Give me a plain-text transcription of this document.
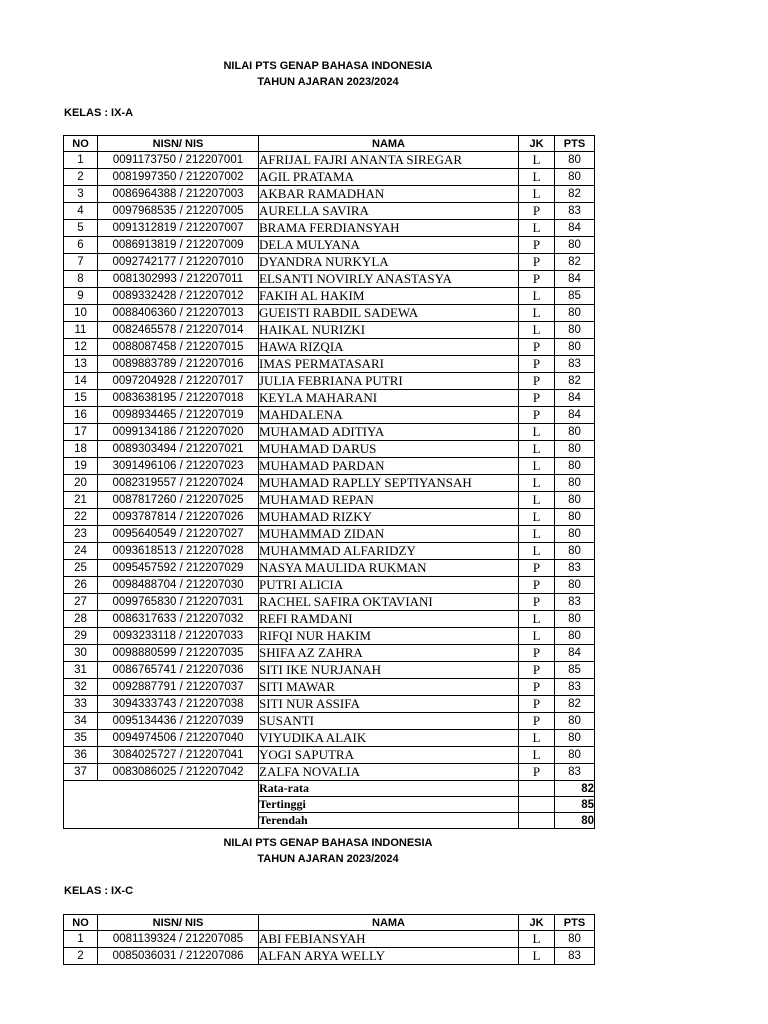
NILAI PTS GENAP BAHASA INDONESIA
TAHUN AJARAN 2023/2024
KELAS : IX-A
NO	NISN/ NIS	NAMA	JK	PTS
1	0091173750 / 212207001	AFRIJAL FAJRI ANANTA SIREGAR	L	80
2	0081997350 / 212207002	AGIL PRATAMA	L	80
3	0086964388 / 212207003	AKBAR RAMADHAN	L	82
4	0097968535 / 212207005	AURELLA SAVIRA	P	83
5	0091312819 / 212207007	BRAMA FERDIANSYAH	L	84
6	0086913819 / 212207009	DELA MULYANA	P	80
7	0092742177 / 212207010	DYANDRA NURKYLA	P	82
8	0081302993 / 212207011	ELSANTI NOVIRLY ANASTASYA	P	84
9	0089332428 / 212207012	FAKIH AL HAKIM	L	85
10	0088406360 / 212207013	GUEISTI RABDIL SADEWA	L	80
11	0082465578 / 212207014	HAIKAL NURIZKI	L	80
12	0088087458 / 212207015	HAWA RIZQIA	P	80
13	0089883789 / 212207016	IMAS PERMATASARI	P	83
14	0097204928 / 212207017	JULIA FEBRIANA PUTRI	P	82
15	0083638195 / 212207018	KEYLA MAHARANI	P	84
16	0098934465 / 212207019	MAHDALENA	P	84
17	0099134186 / 212207020	MUHAMAD ADITIYA	L	80
18	0089303494 / 212207021	MUHAMAD DARUS	L	80
19	3091496106 / 212207023	MUHAMAD PARDAN	L	80
20	0082319557 / 212207024	MUHAMAD RAPLLY SEPTIYANSAH	L	80
21	0087817260 / 212207025	MUHAMAD REPAN	L	80
22	0093787814 / 212207026	MUHAMAD RIZKY	L	80
23	0095640549 / 212207027	MUHAMMAD ZIDAN	L	80
24	0093618513 / 212207028	MUHAMMAD ALFARIDZY	L	80
25	0095457592 / 212207029	NASYA MAULIDA RUKMAN	P	83
26	0098488704 / 212207030	PUTRI ALICIA	P	80
27	0099765830 / 212207031	RACHEL SAFIRA OKTAVIANI	P	83
28	0086317633 / 212207032	REFI RAMDANI	L	80
29	0093233118 / 212207033	RIFQI NUR HAKIM	L	80
30	0098880599 / 212207035	SHIFA AZ ZAHRA	P	84
31	0086765741 / 212207036	SITI IKE NURJANAH	P	85
32	0092887791 / 212207037	SITI MAWAR	P	83
33	3094333743 / 212207038	SITI NUR ASSIFA	P	82
34	0095134436 / 212207039	SUSANTI	P	80
35	0094974506 / 212207040	VIYUDIKA ALAIK	L	80
36	3084025727 / 212207041	YOGI SAPUTRA	L	80
37	0083086025 / 212207042	ZALFA NOVALIA	P	83
		Rata-rata		82
		Tertinggi		85
		Terendah		80
NILAI PTS GENAP BAHASA INDONESIA
TAHUN AJARAN 2023/2024
KELAS : IX-C
NO	NISN/ NIS	NAMA	JK	PTS
1	0081139324 / 212207085	ABI FEBIANSYAH	L	80
2	0085036031 / 212207086	ALFAN ARYA WELLY	L	83
